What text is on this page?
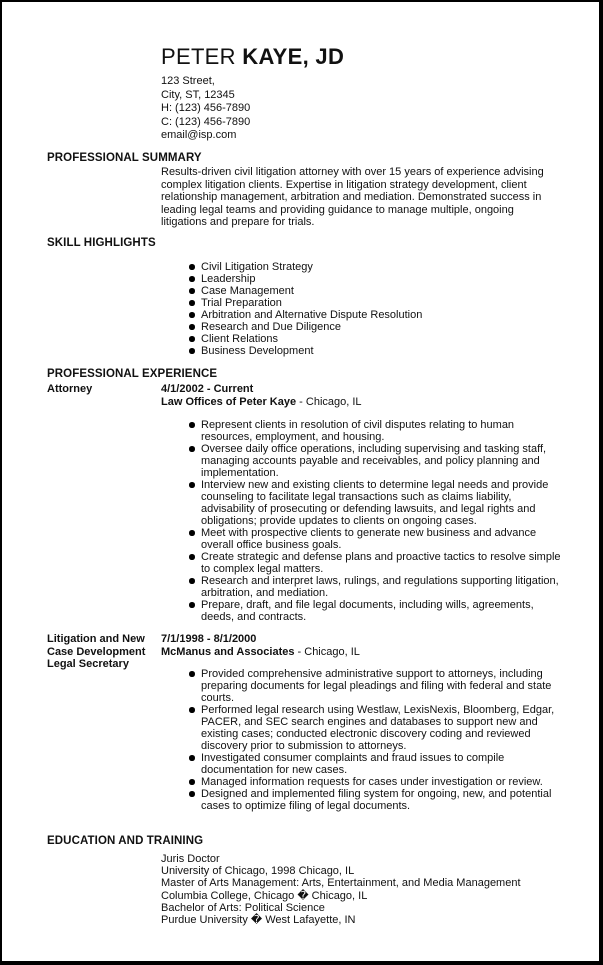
PETER KAYE, JD
123 Street,
City, ST, 12345
H: (123) 456-7890
C: (123) 456-7890
email@isp.com
PROFESSIONAL SUMMARY
Results-driven civil litigation attorney with over 15 years of experience advising complex litigation clients. Expertise in litigation strategy development, client relationship management, arbitration and mediation. Demonstrated success in leading legal teams and providing guidance to manage multiple, ongoing litigations and prepare for trials.
SKILL HIGHLIGHTS
Civil Litigation Strategy
Leadership
Case Management
Trial Preparation
Arbitration and Alternative Dispute Resolution
Research and Due Diligence
Client Relations
Business Development
PROFESSIONAL EXPERIENCE
Attorney	4/1/2002 - Current
Law Offices of Peter Kaye - Chicago, IL
Represent clients in resolution of civil disputes relating to human resources, employment, and housing.
Oversee daily office operations, including supervising and tasking staff, managing accounts payable and receivables, and policy planning and implementation.
Interview new and existing clients to determine legal needs and provide counseling to facilitate legal transactions such as claims liability, advisability of prosecuting or defending lawsuits, and legal rights and obligations; provide updates to clients on ongoing cases.
Meet with prospective clients to generate new business and advance overall office business goals.
Create strategic and defense plans and proactive tactics to resolve simple to complex legal matters.
Research and interpret laws, rulings, and regulations supporting litigation, arbitration, and mediation.
Prepare, draft, and file legal documents, including wills, agreements, deeds, and contracts.
Litigation and New Case Development Legal Secretary
7/1/1998 - 8/1/2000
McManus and Associates - Chicago, IL
Provided comprehensive administrative support to attorneys, including preparing documents for legal pleadings and filing with federal and state courts.
Performed legal research using Westlaw, LexisNexis, Bloomberg, Edgar, PACER, and SEC search engines and databases to support new and existing cases; conducted electronic discovery coding and reviewed discovery prior to submission to attorneys.
Investigated consumer complaints and fraud issues to compile documentation for new cases.
Managed information requests for cases under investigation or review.
Designed and implemented filing system for ongoing, new, and potential cases to optimize filing of legal documents.
EDUCATION AND TRAINING
Juris Doctor
University of Chicago, 1998 Chicago, IL
Master of Arts Management: Arts, Entertainment, and Media Management
Columbia College, Chicago � Chicago, IL
Bachelor of Arts: Political Science
Purdue University � West Lafayette, IN
